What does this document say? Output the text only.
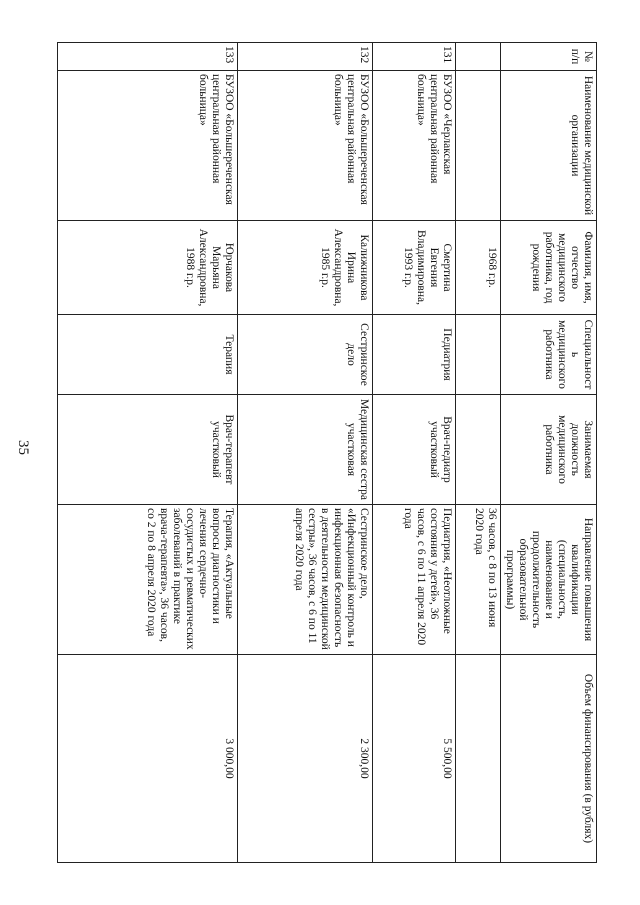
35
№ п/п	Наименование медицинской организации	Фамилия, имя, отчество медицинского работника, год рождения	Специальность медицинского работника	Занимаемая должность медицинского работника	Направление повышения квалификации (специальность, наименование и продолжительность образовательной программы)	Объем финансирования (в рублях)
		1968 г.р.			36 часов, с 8 по 13 июня 2020 года	
131	БУЗОО «Черлакская центральная районная больница»	Смертина Евгения Владимировна, 1993 г.р.	Педиатрия	Врач-педиатр участковый	Педиатрия, «Неотложные состояния у детей», 36 часов, с 6 по 11 апреля 2020 года	5 500,00
132	БУЗОО «Большереченская центральная районная больница»	Калижникова Ирина Александровна, 1985 г.р.	Сестринское дело	Медицинская сестра участковая	Сестринское дело, «Инфекционный контроль и инфекционная безопасность в деятельности медицинской сестры», 36 часов, с 6 по 11 апреля 2020 года	2 300,00
133	БУЗОО «Большереченская центральная районная больница»	Юрчакова Марьяна Александровна, 1988 г.р.	Терапия	Врач-терапевт участковый	Терапия, «Актуальные вопросы диагностики и лечения сердечно-сосудистых и ревматических заболеваний в практике врача-терапевта», 36 часов, со 2 по 8 апреля 2020 года	3 000,00
